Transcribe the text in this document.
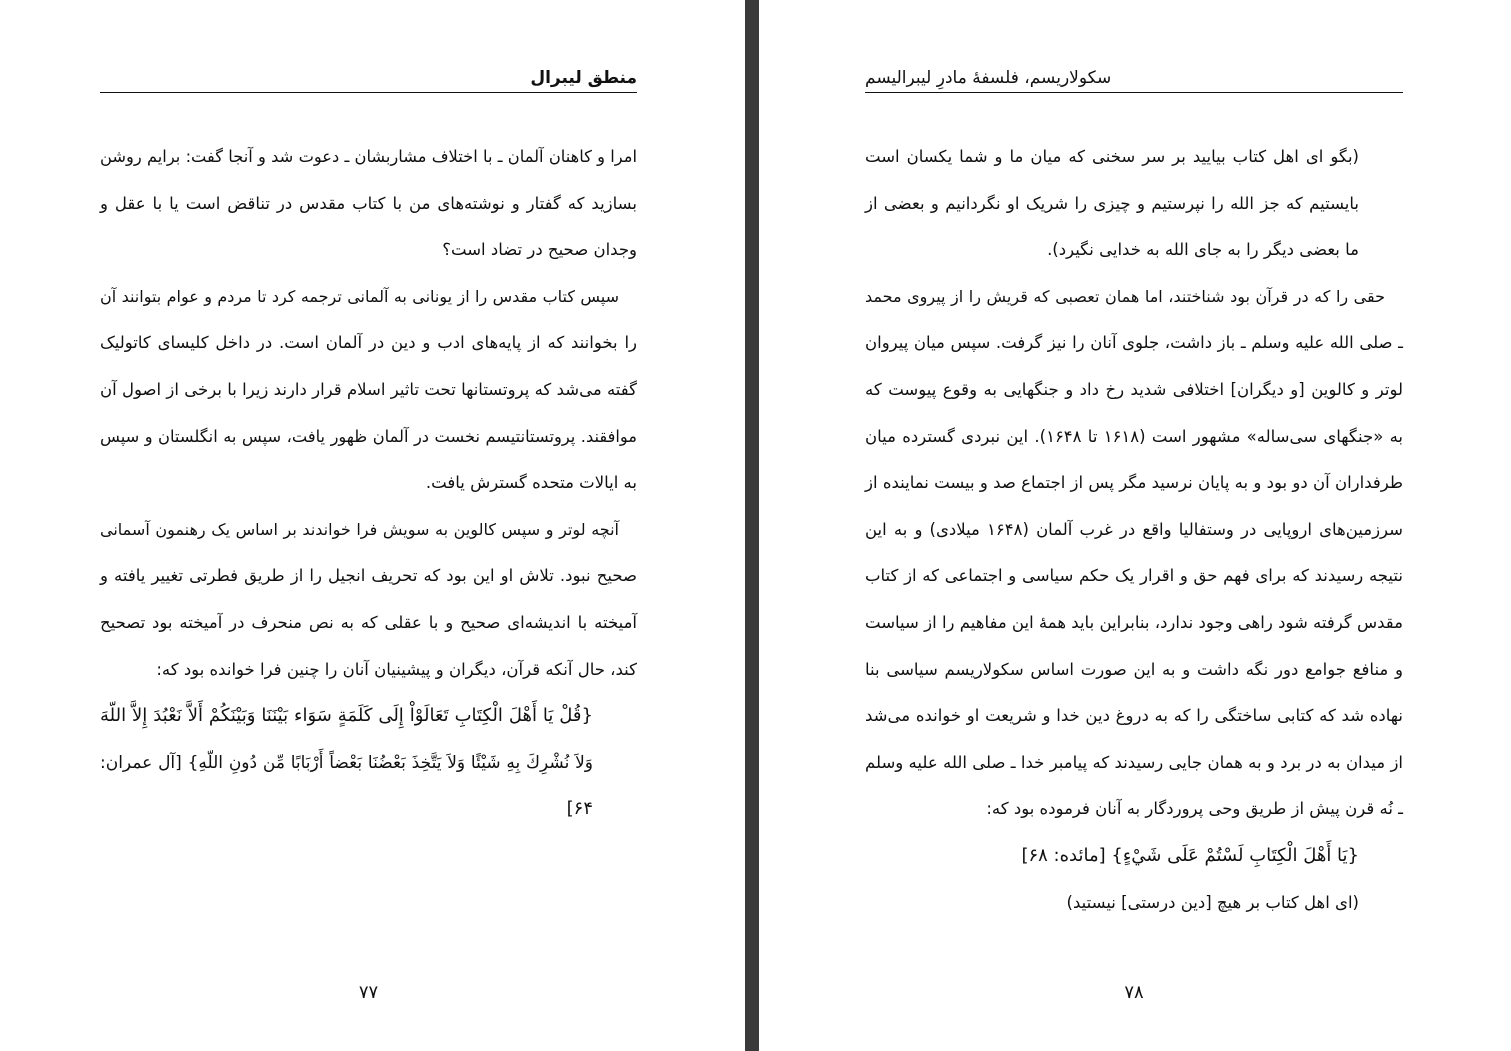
منطق لیبرال
امرا و کاهنان آلمان ـ با اختلاف مشاربشان ـ دعوت شد و آنجا گفت: برایم روشن
بسازید که گفتار و نوشته‌های من با کتاب مقدس در تناقض است یا با عقل و
وجدان صحیح در تضاد است؟
سپس کتاب مقدس را از یونانی به آلمانی ترجمه کرد تا مردم و عوام بتوانند آن
را بخوانند که از پایه‌های ادب و دین در آلمان است. در داخل کلیسای کاتولیک
گفته می‌شد که پروتستانها تحت تاثیر اسلام قرار دارند زیرا با برخی از اصول آن
موافقند. پروتستانتیسم نخست در آلمان ظهور یافت، سپس به انگلستان و سپس
به ایالات متحده گسترش یافت.
آنچه لوتر و سپس کالوین به سویش فرا خواندند بر اساس یک رهنمون آسمانی
صحیح نبود. تلاش او این بود که تحریف انجیل را از طریق فطرتی تغییر یافته و
آمیخته با اندیشه‌ای صحیح و با عقلی که به نص منحرف در آمیخته بود تصحیح
کند، حال آنکه قرآن، دیگران و پیشینیان آنان را چنین فرا خوانده بود که:
{قُلْ يَا أَهْلَ الْكِتَابِ تَعَالَوْاْ إِلَى كَلَمَةٍ سَوَاء بَيْنَنَا وَبَيْنَكُمْ أَلاَّ نَعْبُدَ إِلاَّ اللّهَ
وَلاَ نُشْرِكَ بِهِ شَيْئًا وَلاَ يَتَّخِذَ بَعْضُنَا بَعْضاً أَرْبَابًا مِّن دُونِ اللّهِ} [آل عمران:
۶۴]
۷۷
سکولاریسم، فلسفۀ مادرِ لیبرالیسم
(بگو ای اهل کتاب بیایید بر سر سخنی که میان ما و شما یکسان است
بایستیم که جز الله را نپرستیم و چیزی را شریک او نگردانیم و بعضی از
ما بعضی دیگر را به جای الله به خدایی نگیرد).
حقی را که در قرآن بود شناختند، اما همان تعصبی که قریش را از پیروی محمد
ـ صلی الله علیه وسلم ـ باز داشت، جلوی آنان را نیز گرفت. سپس میان پیروان
لوتر و کالوین [و دیگران] اختلافی شدید رخ داد و جنگهایی به وقوع پیوست که
به «جنگهای سی‌ساله» مشهور است (۱۶۱۸ تا ۱۶۴۸). این نبردی گسترده میان
طرفداران آن دو بود و به پایان نرسید مگر پس از اجتماع صد و بیست نماینده از
سرزمین‌های اروپایی در وستفالیا واقع در غرب آلمان (۱۶۴۸ میلادی) و به این
نتیجه رسیدند که برای فهم حق و اقرار یک حکم سیاسی و اجتماعی که از کتاب
مقدس گرفته شود راهی وجود ندارد، بنابراین باید همۀ این مفاهیم را از سیاست
و منافع جوامع دور نگه داشت و به این صورت اساس سکولاریسم سیاسی بنا
نهاده شد که کتابی ساختگی را که به دروغ دین خدا و شریعت او خوانده می‌شد
از میدان به در برد و به همان جایی رسیدند که پیامبر خدا ـ صلی الله علیه وسلم
ـ نُه قرن پیش از طریق وحی پروردگار به آنان فرموده بود که:
{يَا أَهْلَ الْكِتَابِ لَسْتُمْ عَلَى شَيْءٍ} [مائده: ۶۸]
(ای اهل کتاب بر هیچ [دین درستی] نیستید)
۷۸
